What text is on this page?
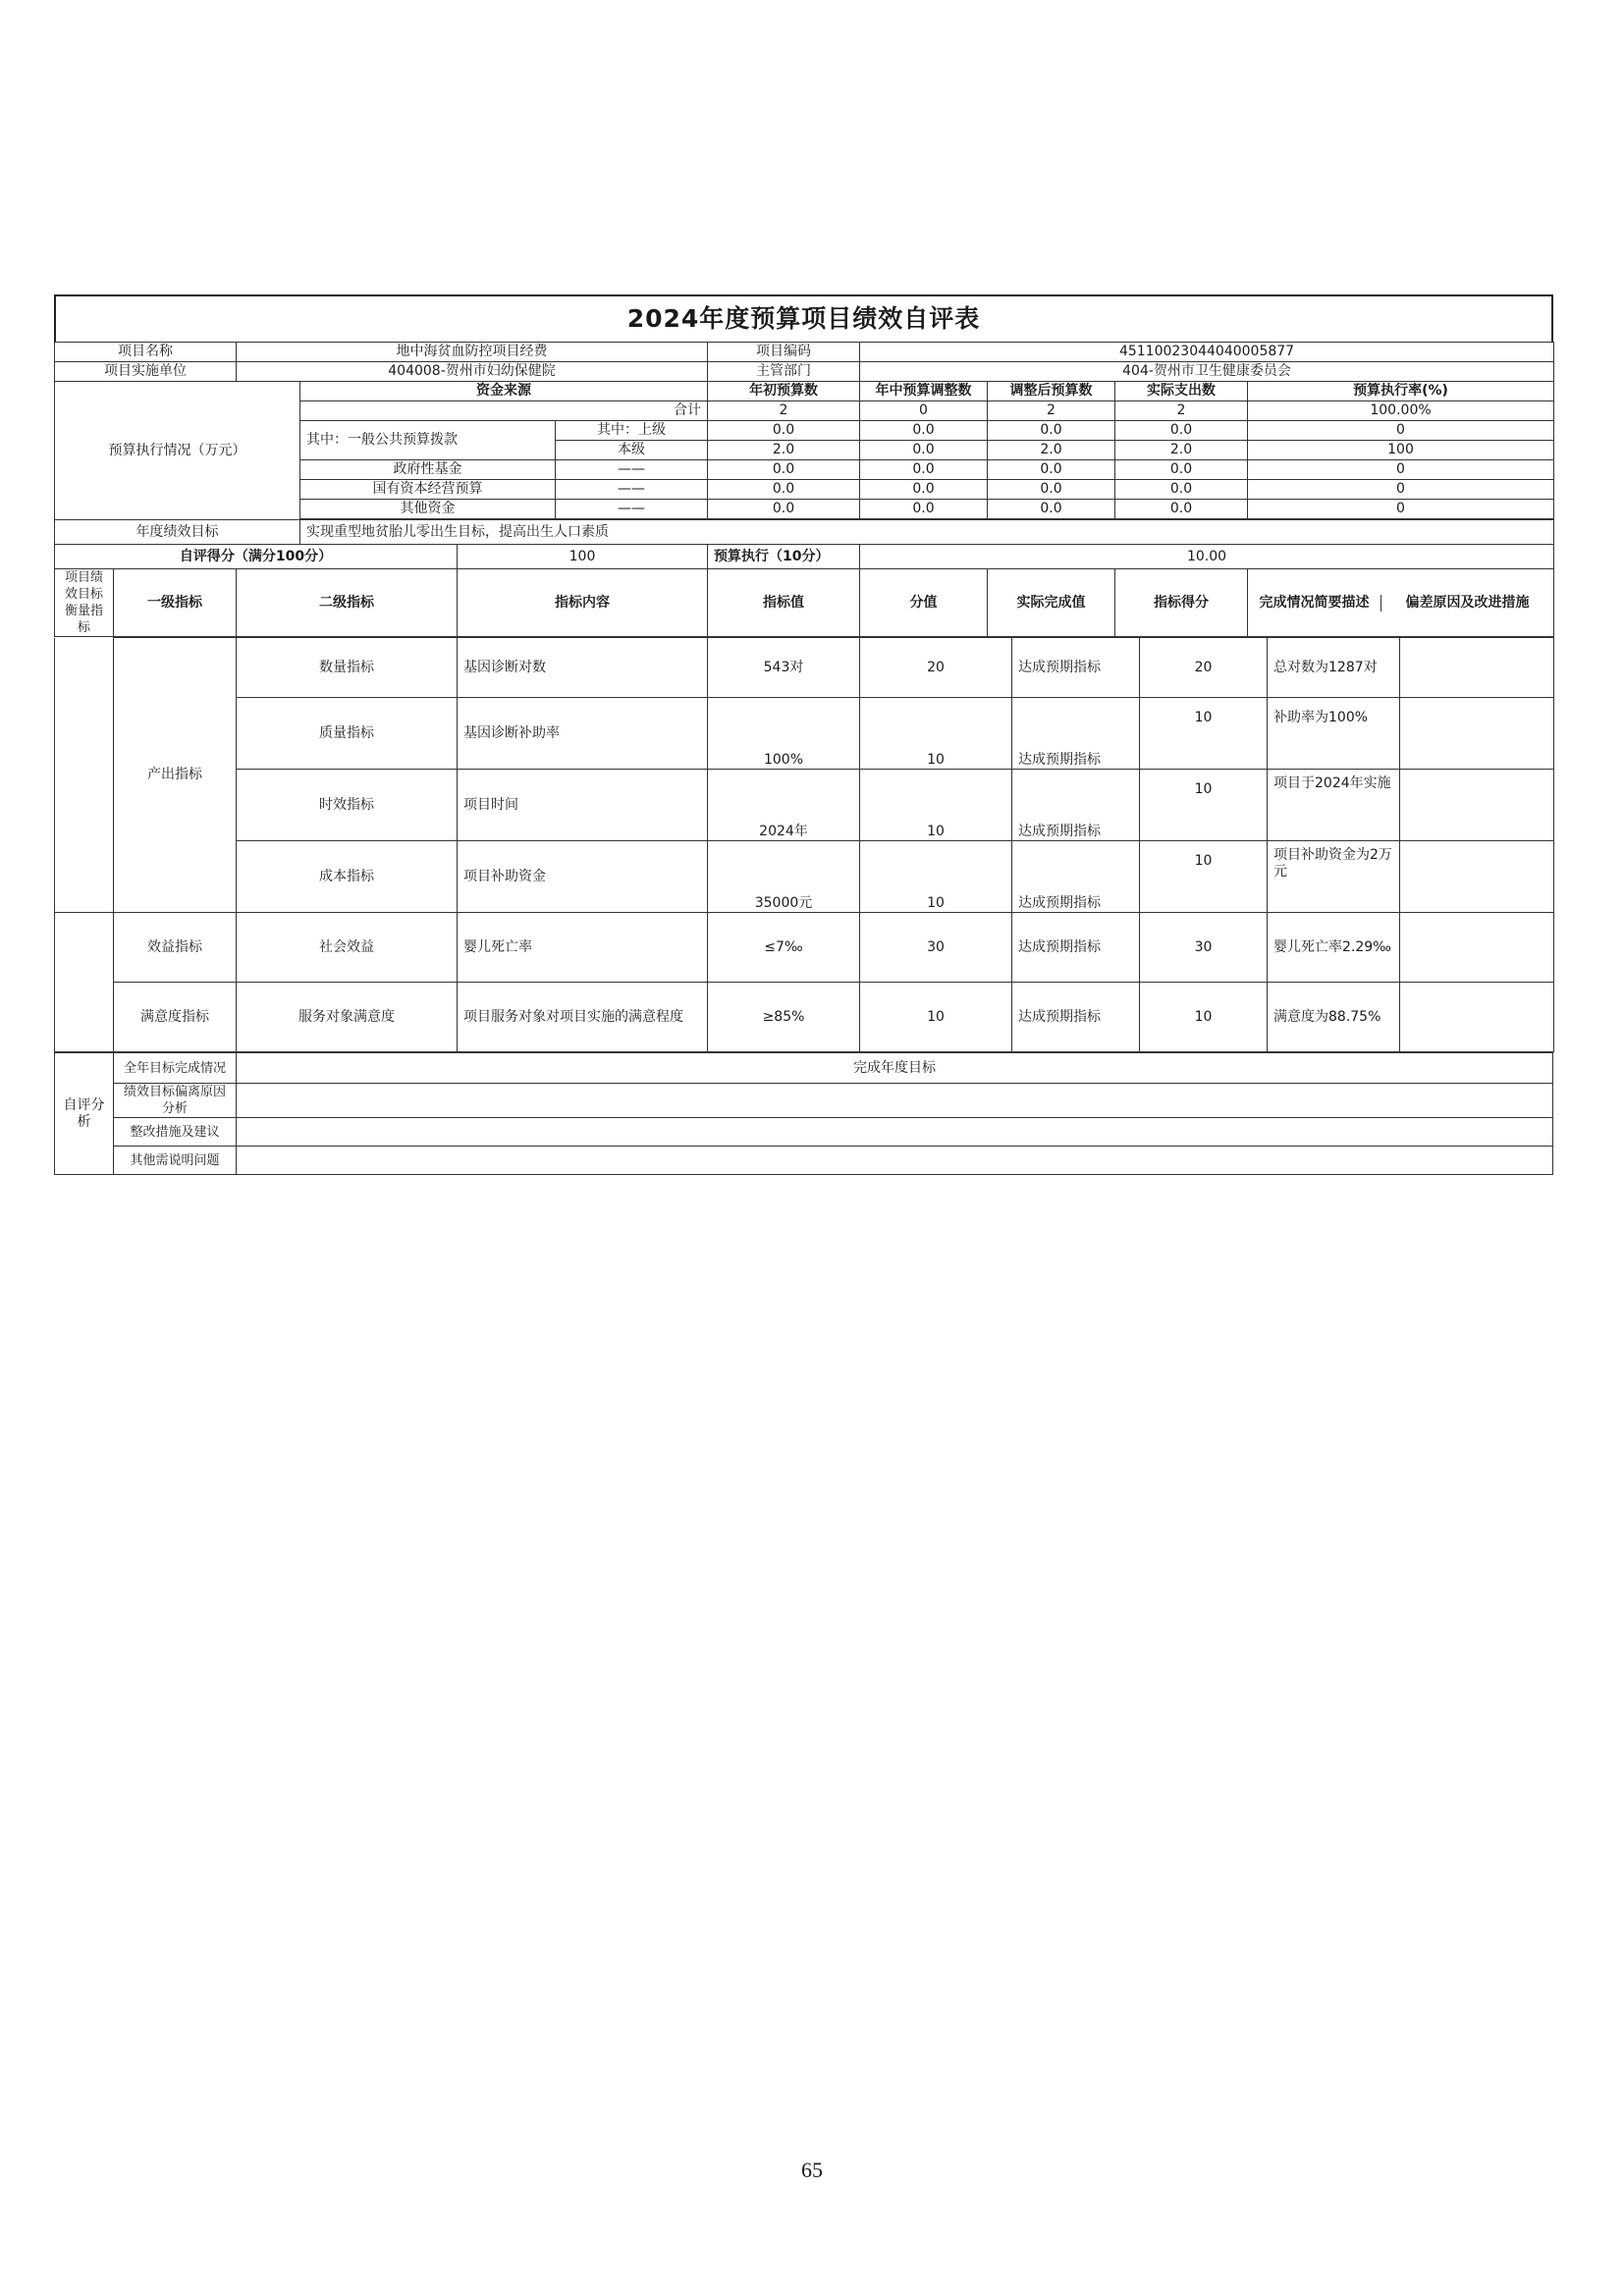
2024年度预算项目绩效自评表
项目名称		地中海贫血防控项目经费				项目编码	45110023044040005877			
项目实施单位		404008-贺州市妇幼保健院				主管部门	404-贺州市卫生健康委员会			
预算执行情况（万元）			资金来源			年初预算数	年中预算调整数	调整后预算数	实际支出数	预算执行率(%)
			合计			2	0	2	2	100.00%
			其中：一般公共预算拨款		其中：上级	0.0	0.0	0.0	0.0	0
					本级	2.0	0.0	2.0	2.0	100
			政府性基金		——	0.0	0.0	0.0	0.0	0
			国有资本经营预算		——	0.0	0.0	0.0	0.0	0
			其他资金		——	0.0	0.0	0.0	0.0	0

年度绩效目标			实现重型地贫胎儿零出生目标，提高出生人口素质							
自评得分（满分100分）				100		预算执行（10分）	10.00			
项目绩效目标衡量指标	一级指标	二级指标		指标内容		指标值	分值	实际完成值	指标得分	完成情况简要描述 偏差原因及改进措施
	产出指标	数量指标	基因诊断对数	543对	20	达成预期指标	20	总对数为1287对	
		质量指标	基因诊断补助率	100%	10	达成预期指标	10	补助率为100%	
		时效指标	项目时间	2024年	10	达成预期指标	10	项目于2024年实施	
		成本指标	项目补助资金	35000元	10	达成预期指标	10	项目补助资金为2万元	
	效益指标	社会效益	婴儿死亡率	≤7‰	30	达成预期指标	30	婴儿死亡率2.29‰	
	满意度指标	服务对象满意度	项目服务对象对项目实施的满意程度	≥85%	10	达成预期指标	10	满意度为88.75%	
自评分析	全年目标完成情况	完成年度目标
	绩效目标偏离原因分析	
	整改措施及建议	
	其他需说明问题	
65
